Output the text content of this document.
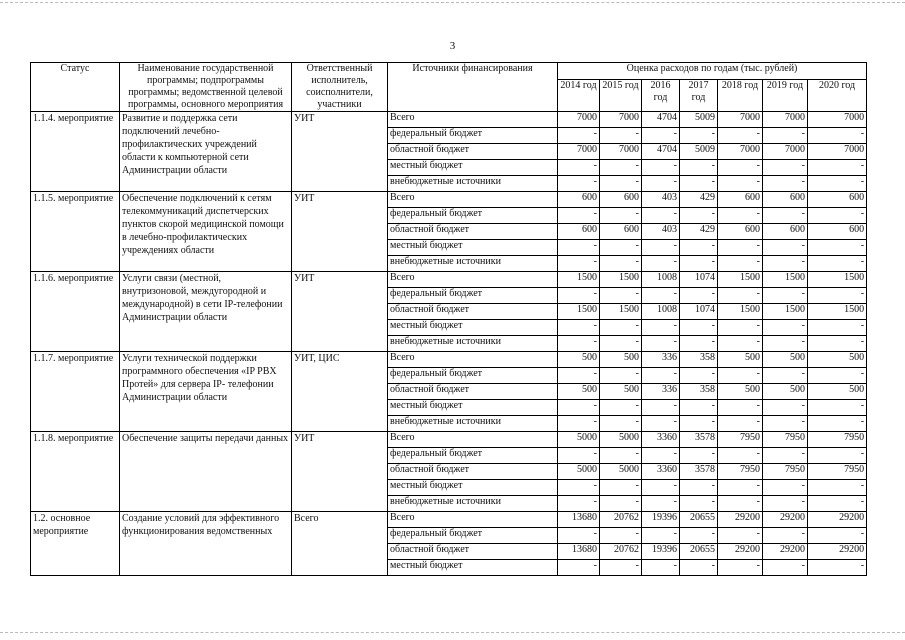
3
Статус	Наименование государственной программы; подпрограммы программы; ведомственной целевой программы, основного мероприятия	Ответственный исполнитель, соисполнители, участники	Источники финансирования	Оценка расходов по годам (тыс. рублей)						
				2014 год	2015 год	2016 год	2017 год	2018 год	2019 год	2020 год
1.1.4. мероприятие	Развитие и поддержка сети подключений лечебно-профилактических учреждений области к компьютерной сети Администрации области	УИТ	Всего	7000	7000	4704	5009	7000	7000	7000
			федеральный бюджет	-	-	-	-	-	-	-
			областной бюджет	7000	7000	4704	5009	7000	7000	7000
			местный бюджет	-	-	-	-	-	-	-
			внебюджетные источники	-	-	-	-	-	-	-
1.1.5. мероприятие	Обеспечение подключений к сетям телекоммуникаций диспетчерских пунктов скорой медицинской помощи в лечебно-профилактических учреждениях области	УИТ	Всего	600	600	403	429	600	600	600
			федеральный бюджет	-	-	-	-	-	-	-
			областной бюджет	600	600	403	429	600	600	600
			местный бюджет	-	-	-	-	-	-	-
			внебюджетные источники	-	-	-	-	-	-	-
1.1.6. мероприятие	Услуги связи (местной, внутризоновой, междугородной и международной) в сети IP-телефонии Администрации области	УИТ	Всего	1500	1500	1008	1074	1500	1500	1500
			федеральный бюджет	-	-	-	-	-	-	-
			областной бюджет	1500	1500	1008	1074	1500	1500	1500
			местный бюджет	-	-	-	-	-	-	-
			внебюджетные источники	-	-	-	-	-	-	-
1.1.7. мероприятие	Услуги технической поддержки программного обеспечения «IP PBX Протей» для сервера IP- телефонии Администрации области	УИТ, ЦИС	Всего	500	500	336	358	500	500	500
			федеральный бюджет	-	-	-	-	-	-	-
			областной бюджет	500	500	336	358	500	500	500
			местный бюджет	-	-	-	-	-	-	-
			внебюджетные источники	-	-	-	-	-	-	-
1.1.8. мероприятие	Обеспечение защиты передачи данных	УИТ	Всего	5000	5000	3360	3578	7950	7950	7950
			федеральный бюджет	-	-	-	-	-	-	-
			областной бюджет	5000	5000	3360	3578	7950	7950	7950
			местный бюджет	-	-	-	-	-	-	-
			внебюджетные источники	-	-	-	-	-	-	-
1.2. основное мероприятие	Создание условий для эффективного функционирования ведомственных	Всего	Всего	13680	20762	19396	20655	29200	29200	29200
			федеральный бюджет	-	-	-	-	-	-	-
			областной бюджет	13680	20762	19396	20655	29200	29200	29200
			местный бюджет	-	-	-	-	-	-	-
